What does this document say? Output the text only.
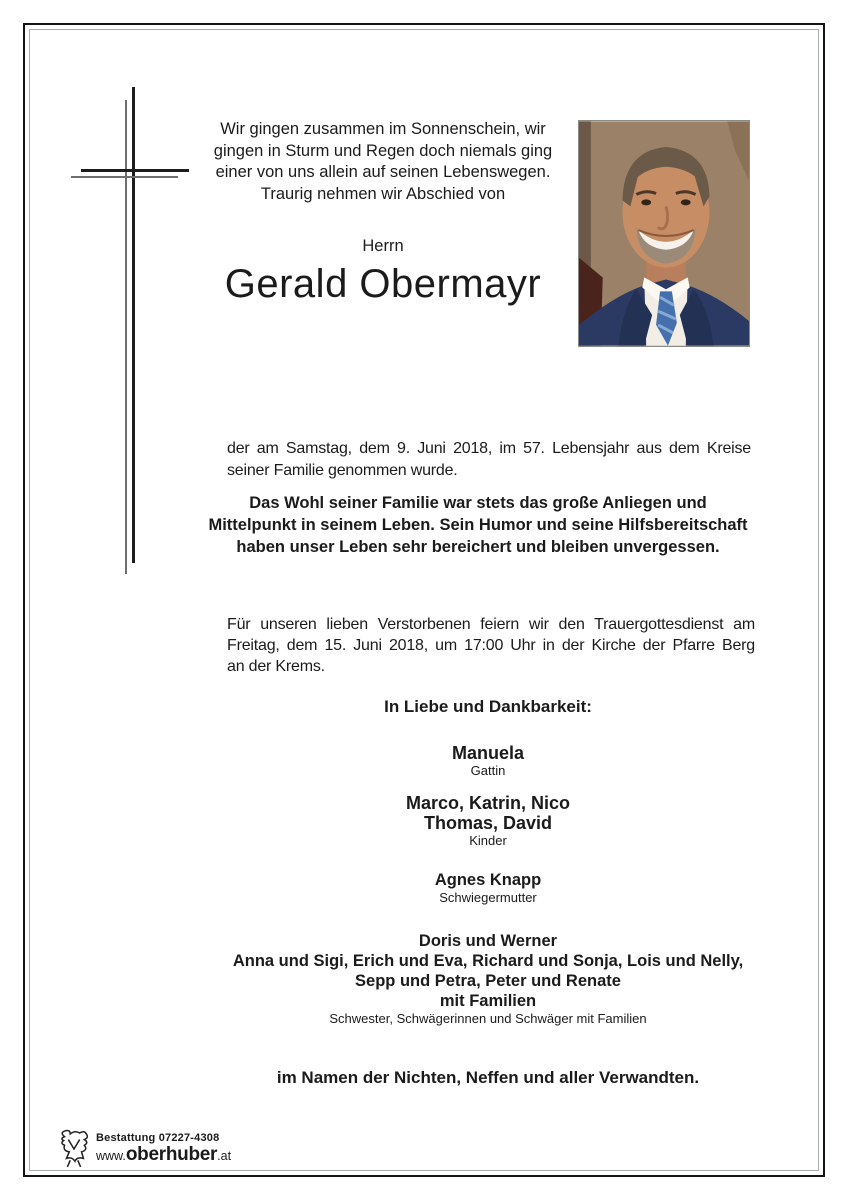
Wir gingen zusammen im Sonnenschein, wir
gingen in Sturm und Regen doch niemals ging
einer von uns allein auf seinen Lebenswegen.
Traurig nehmen wir Abschied von
Herrn
Gerald Obermayr

der am Samstag, dem 9. Juni 2018, im 57. Lebensjahr aus dem Kreise
seiner Familie genommen wurde.

Das Wohl seiner Familie war stets das große Anliegen und
Mittelpunkt in seinem Leben. Sein Humor und seine Hilfsbereitschaft
haben unser Leben sehr bereichert und bleiben unvergessen.

Für unseren lieben Verstorbenen feiern wir den Trauergottesdienst am
Freitag, dem 15. Juni 2018, um 17:00 Uhr in der Kirche der Pfarre Berg
an der Krems.

In Liebe und Dankbarkeit:
Manuela
Gattin
Marco, Katrin, Nico
Thomas, David
Kinder
Agnes Knapp
Schwiegermutter
Doris und Werner
Anna und Sigi, Erich und Eva, Richard und Sonja, Lois und Nelly,
Sepp und Petra, Peter und Renate
mit Familien
Schwester, Schwägerinnen und Schwäger mit Familien
im Namen der Nichten, Neffen und aller Verwandten.
Bestattung 07227-4308
www. oberhuber .at
